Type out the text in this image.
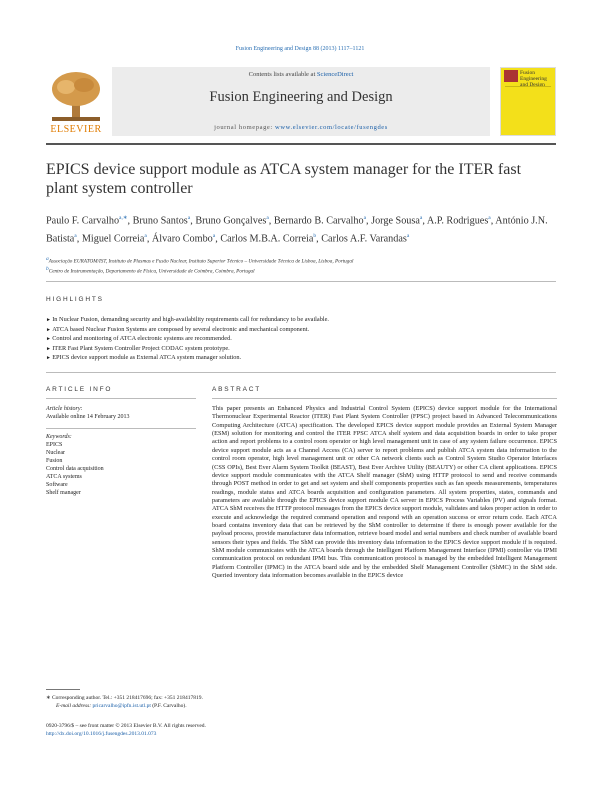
Fusion Engineering and Design 88 (2013) 1117–1121
ELSEVIER
Contents lists available at ScienceDirect
Fusion Engineering and Design
journal homepage: www.elsevier.com/locate/fusengdes
Fusion Engineering
and Design
EPICS device support module as ATCA system manager for the ITER fast plant system controller
Paulo F. Carvalho$^{a,∗}$, Bruno Santos$^a$, Bruno Gonçalves$^a$, Bernardo B. Carvalho$^a$, Jorge Sousa$^a$, A.P. Rodrigues$^a$, António J.N. Batista$^a$, Miguel Correia$^a$, Álvaro Combo$^a$, Carlos M.B.A. Correia$^b$, Carlos A.F. Varandas$^a$
$^a$Associação EURATOM/IST, Instituto de Plasmas e Fusão Nuclear, Instituto Superior Técnico – Universidade Técnica de Lisboa, Lisboa, Portugal
$^b$Centro de Instrumentação, Departamento de Física, Universidade de Coimbra, Coimbra, Portugal
HIGHLIGHTS
► In Nuclear Fusion, demanding security and high-availability requirements call for redundancy to be available.
► ATCA based Nuclear Fusion Systems are composed by several electronic and mechanical component.
► Control and monitoring of ATCA electronic systems are recommended.
► ITER Fast Plant System Controller Project CODAC system prototype.
► EPICS device support module as External ATCA system manager solution.
ARTICLE INFO
Article history:
Available online 14 February 2013
Keywords:
EPICS
Nuclear
Fusion
Control data acquisition
ATCA systems
Software
Shelf manager
ABSTRACT
This paper presents an Enhanced Physics and Industrial Control System (EPICS) device support module for the International Thermonuclear Experimental Reactor (ITER) Fast Plant System Controller (FPSC) project based in Advanced Telecommunications Computing Architecture (ATCA) specification. The developed EPICS device support module provides an External System Manager (ESM) solution for monitoring and control the ITER FPSC ATCA shelf system and data acquisition boards in order to take proper action and report problems to a control room operator or high level management unit in case of any system failure occurrence. EPICS device support module acts as a Channel Access (CA) server to report problems and publish ATCA system data information to the control room operator, high level management unit or other CA network clients such as Control System Studio Operator Interfaces (CSS OPIs), Best Ever Alarm System Toolkit (BEAST), Best Ever Archive Utility (BEAUTY) or other CA client applications. EPICS device support module communicates with the ATCA Shelf manager (ShM) using HTTP protocol to send and receive commands through POST method in order to get and set system and shelf components properties such as fan speeds measurements, temperatures readings, module status and ATCA boards acquisition and configuration parameters. All system properties, states, commands and parameters are available through the EPICS device support module CA server in EPICS Process Variables (PV) and signals format. ATCA ShM receives the HTTP protocol messages from the EPICS device support module, validates and takes proper action in order to execute and acknowledge the required command operation and respond with an operation success or error return code. Each ATCA board contains inventory data that can be retrieved by the ShM controller to determine if there is enough power available for the payload process, provide manufacturer data information, retrieve board model and serial numbers and check number of available board sensors their types and fields. The ShM can provide this inventory data information to the EPICS device support module if is required. ShM module communicates with the ATCA boards through the Intelligent Platform Management Interface (IPMI) controller via IPMI communication protocol on redundant IPMI bus. This communication protocol is managed by the embedded Intelligent Management Platform Controller (IPMC) in the ATCA board side and by the embedded Shelf Management Controller (ShMC) in the ShM side. Queried inventory data information becomes available in the EPICS device
∗ Corresponding author. Tel.: +351 218417696; fax: +351 218417819.
E-mail address: pricarvalho@ipfn.ist.utl.pt (P.F. Carvalho).
0920-3796/$ – see front matter © 2013 Elsevier B.V. All rights reserved.
http://dx.doi.org/10.1016/j.fusengdes.2013.01.073
